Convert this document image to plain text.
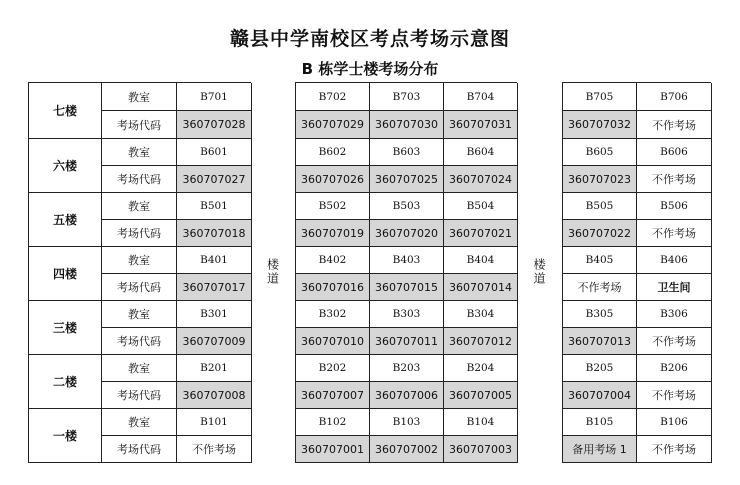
赣县中学南校区考点考场示意图
B 栋学士楼考场分布
七楼
教室
考场代码
B701
360707028
六楼
教室
考场代码
B601
360707027
五楼
教室
考场代码
B501
360707018
四楼
教室
考场代码
B401
360707017
三楼
教室
考场代码
B301
360707009
二楼
教室
考场代码
B201
360707008
一楼
教室
考场代码
B101
不作考场
楼道
B702
360707029
B703
360707030
B704
360707031
B602
360707026
B603
360707025
B604
360707024
B502
360707019
B503
360707020
B504
360707021
B402
360707016
B403
360707015
B404
360707014
B302
360707010
B303
360707011
B304
360707012
B202
360707007
B203
360707006
B204
360707005
B102
360707001
B103
360707002
B104
360707003
楼道
B705
360707032
B706
不作考场
B605
360707023
B606
不作考场
B505
360707022
B506
不作考场
B405
不作考场
B406
卫生间
B305
360707013
B306
不作考场
B205
360707004
B206
不作考场
B105
备用考场 1
B106
不作考场
